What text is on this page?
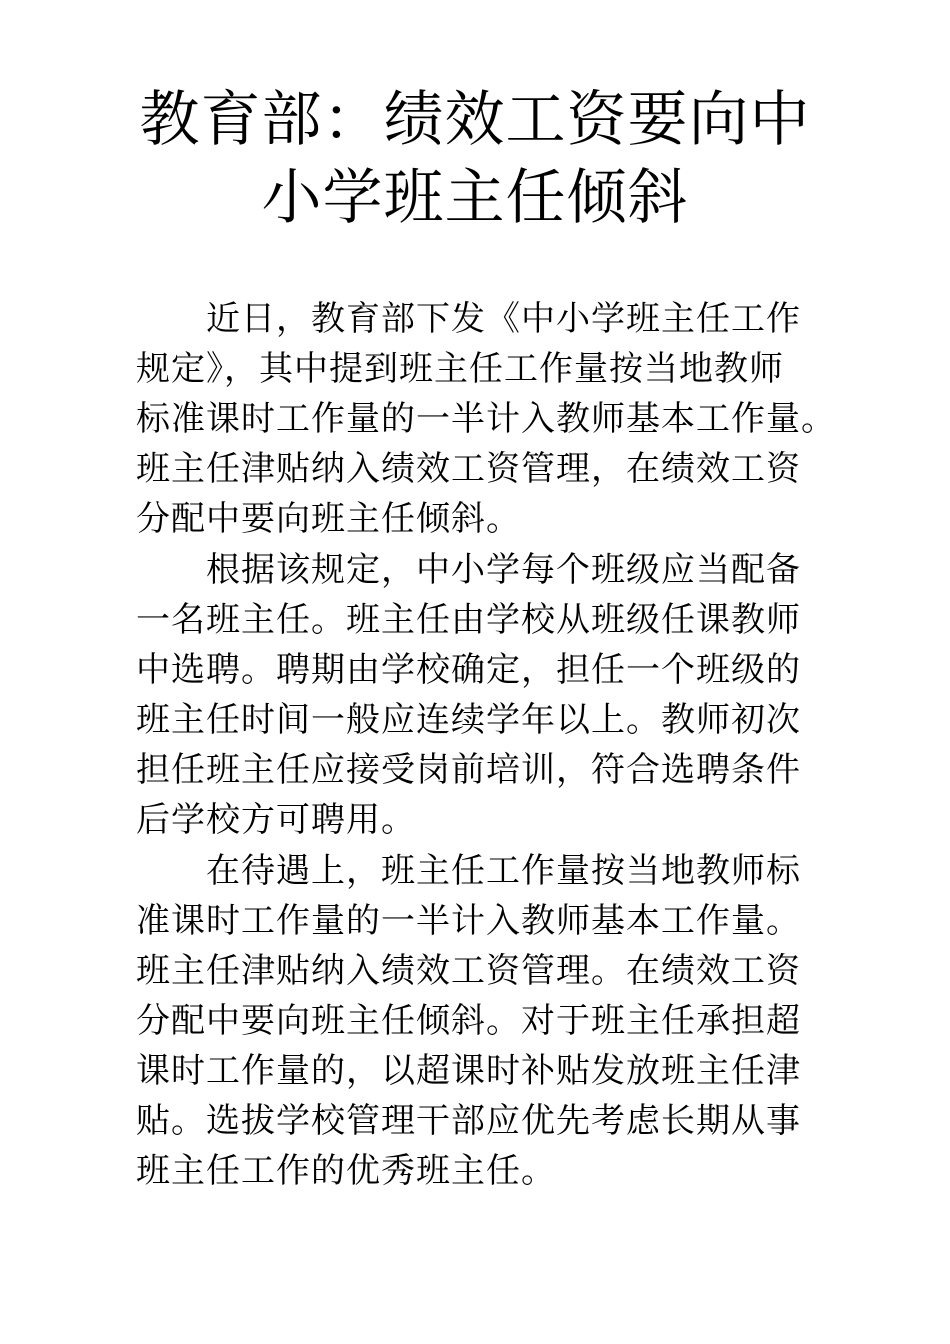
教育部：绩效工资要向中
小学班主任倾斜
近日，教育部下发《中小学班主任工作
规定》，其中提到班主任工作量按当地教师
标准课时工作量的一半计入教师基本工作量。
班主任津贴纳入绩效工资管理，在绩效工资
分配中要向班主任倾斜。
根据该规定，中小学每个班级应当配备
一名班主任。班主任由学校从班级任课教师
中选聘。聘期由学校确定，担任一个班级的
班主任时间一般应连续学年以上。教师初次
担任班主任应接受岗前培训，符合选聘条件
后学校方可聘用。
在待遇上，班主任工作量按当地教师标
准课时工作量的一半计入教师基本工作量。
班主任津贴纳入绩效工资管理。在绩效工资
分配中要向班主任倾斜。对于班主任承担超
课时工作量的，以超课时补贴发放班主任津
贴。选拔学校管理干部应优先考虑长期从事
班主任工作的优秀班主任。
